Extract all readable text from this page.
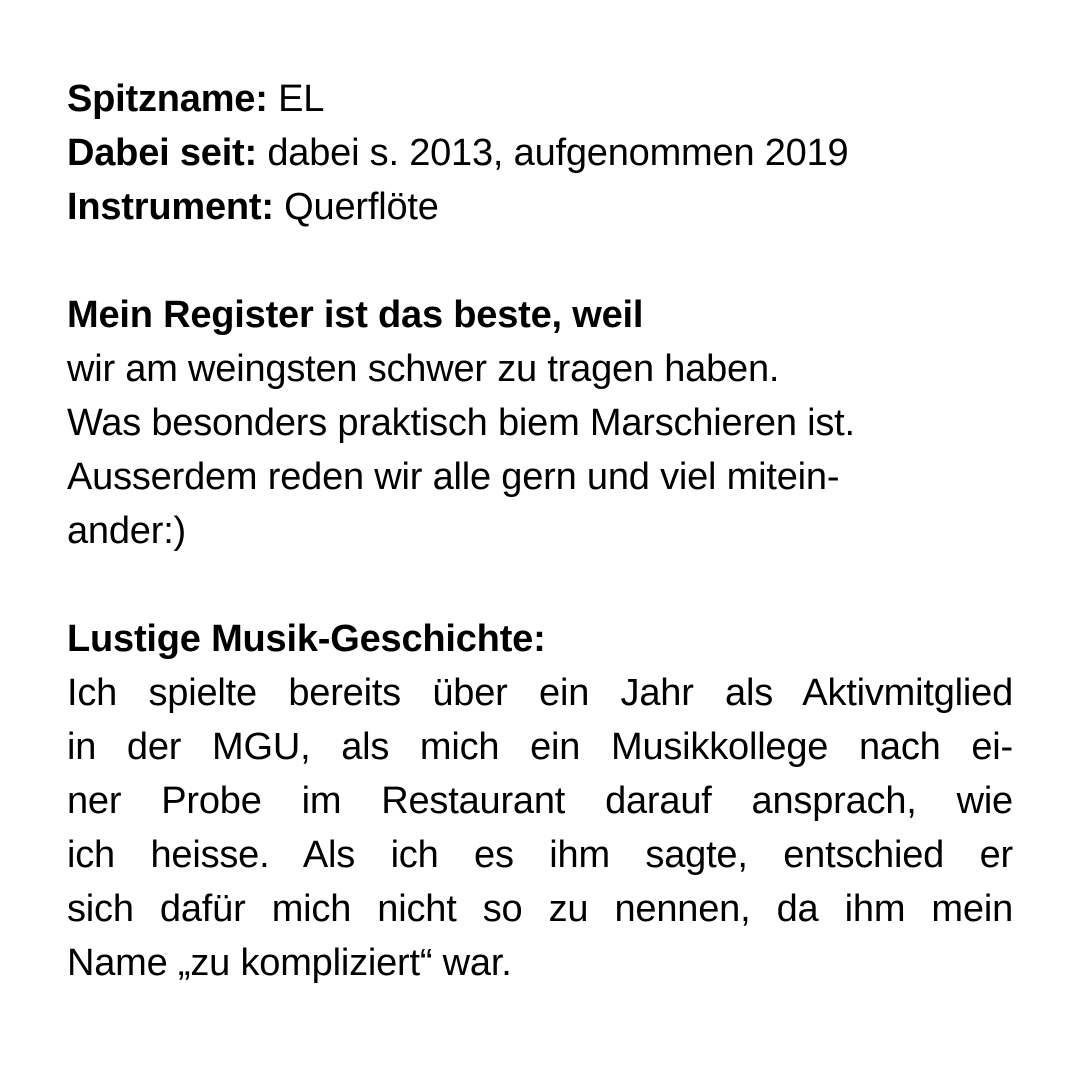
Spitzname: EL
Dabei seit: dabei s. 2013, aufgenommen 2019
Instrument: Querflöte
Mein Register ist das beste, weil
wir am weingsten schwer zu tragen haben.
Was besonders praktisch biem Marschieren ist.
Ausserdem reden wir alle gern und viel mitein-
ander:)
Lustige Musik-Geschichte:
Ich spielte bereits über ein Jahr als Aktivmitglied
in der MGU, als mich ein Musikkollege nach ei-
ner Probe im Restaurant darauf ansprach, wie
ich heisse. Als ich es ihm sagte, entschied er
sich dafür mich nicht so zu nennen, da ihm mein
Name „zu kompliziert“ war.
